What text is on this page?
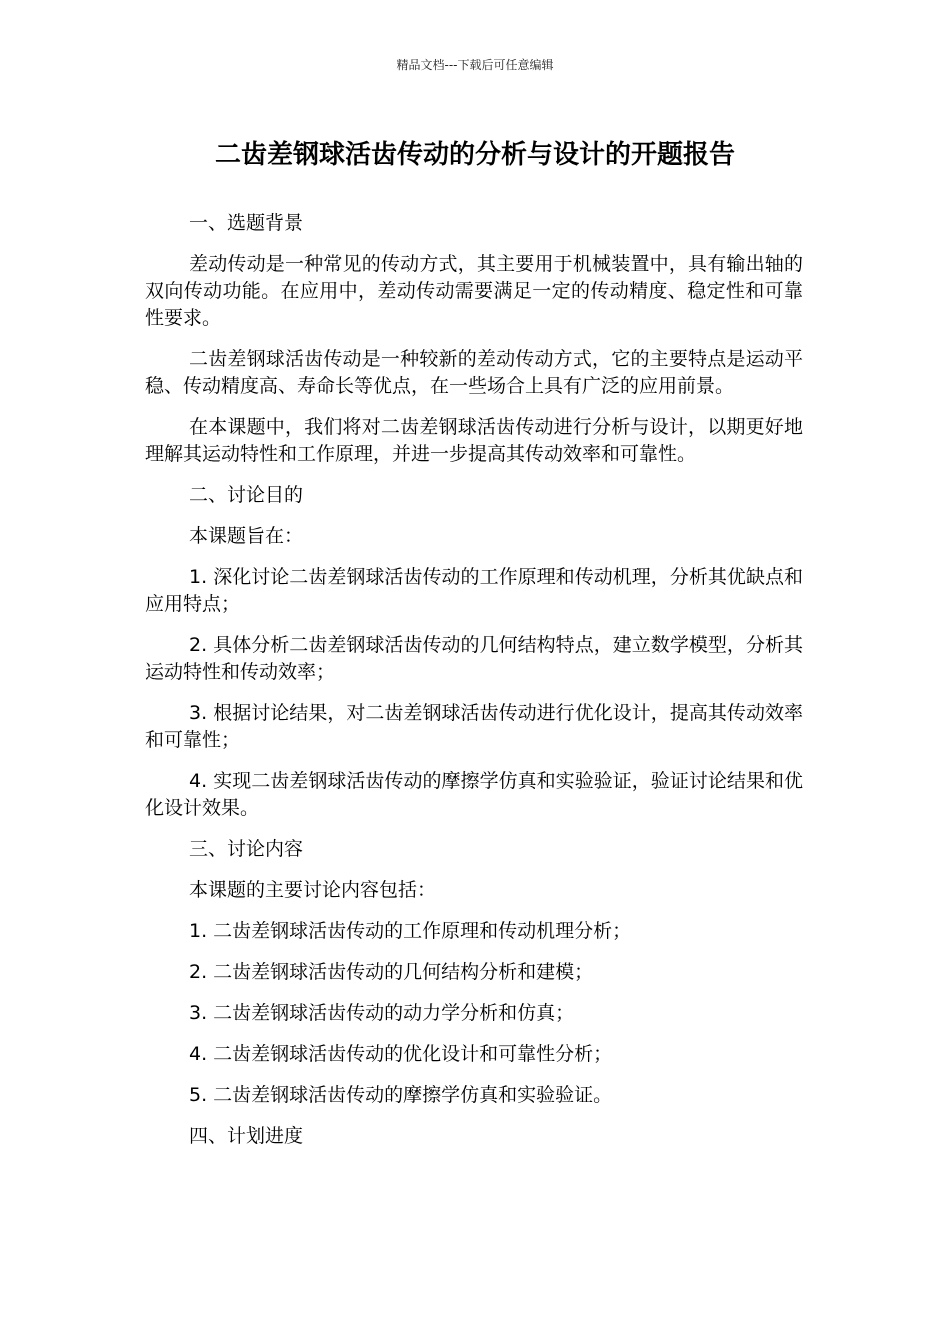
精品文档---下载后可任意编辑
二齿差钢球活齿传动的分析与设计的开题报告

一、选题背景

差动传动是一种常见的传动方式，其主要用于机械装置中，具有输出轴的双向传动功能。在应用中，差动传动需要满足一定的传动精度、稳定性和可靠性要求。

二齿差钢球活齿传动是一种较新的差动传动方式，它的主要特点是运动平稳、传动精度高、寿命长等优点，在一些场合上具有广泛的应用前景。

在本课题中，我们将对二齿差钢球活齿传动进行分析与设计，以期更好地理解其运动特性和工作原理，并进一步提高其传动效率和可靠性。

二、讨论目的

本课题旨在：

1. 深化讨论二齿差钢球活齿传动的工作原理和传动机理，分析其优缺点和应用特点；

2. 具体分析二齿差钢球活齿传动的几何结构特点，建立数学模型，分析其运动特性和传动效率；

3. 根据讨论结果，对二齿差钢球活齿传动进行优化设计，提高其传动效率和可靠性；

4. 实现二齿差钢球活齿传动的摩擦学仿真和实验验证，验证讨论结果和优化设计效果。

三、讨论内容

本课题的主要讨论内容包括：

1. 二齿差钢球活齿传动的工作原理和传动机理分析；

2. 二齿差钢球活齿传动的几何结构分析和建模；

3. 二齿差钢球活齿传动的动力学分析和仿真；

4. 二齿差钢球活齿传动的优化设计和可靠性分析；

5. 二齿差钢球活齿传动的摩擦学仿真和实验验证。

四、计划进度
